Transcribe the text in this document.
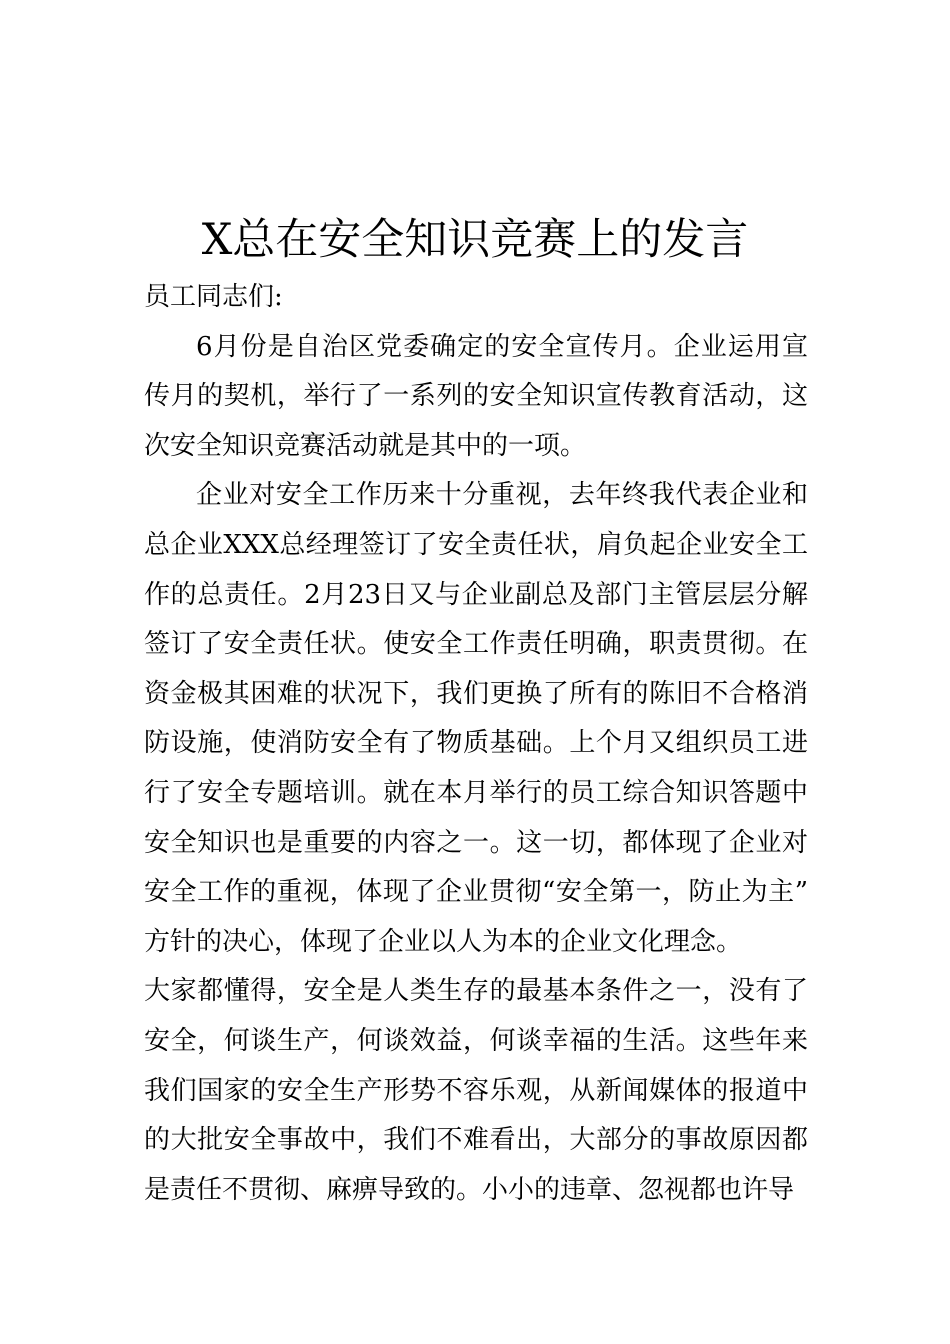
X总在安全知识竞赛上的发言

员工同志们:

6月份是自治区党委确定的安全宣传月。企业运用宣传月的契机，举行了一系列的安全知识宣传教育活动，这次安全知识竞赛活动就是其中的一项。

企业对安全工作历来十分重视，去年终我代表企业和总企业XXX总经理签订了安全责任状，肩负起企业安全工作的总责任。2月23日又与企业副总及部门主管层层分解签订了安全责任状。使安全工作责任明确，职责贯彻。在资金极其困难的状况下，我们更换了所有的陈旧不合格消防设施，使消防安全有了物质基础。上个月又组织员工进行了安全专题培训。就在本月举行的员工综合知识答题中安全知识也是重要的内容之一。这一切，都体现了企业对安全工作的重视，体现了企业贯彻“安全第一，防止为主”方针的决心，体现了企业以人为本的企业文化理念。

大家都懂得，安全是人类生存的最基本条件之一，没有了安全，何谈生产，何谈效益，何谈幸福的生活。这些年来我们国家的安全生产形势不容乐观，从新闻媒体的报道中的大批安全事故中，我们不难看出，大部分的事故原因都是责任不贯彻、麻痹导致的。小小的违章、忽视都也许导
